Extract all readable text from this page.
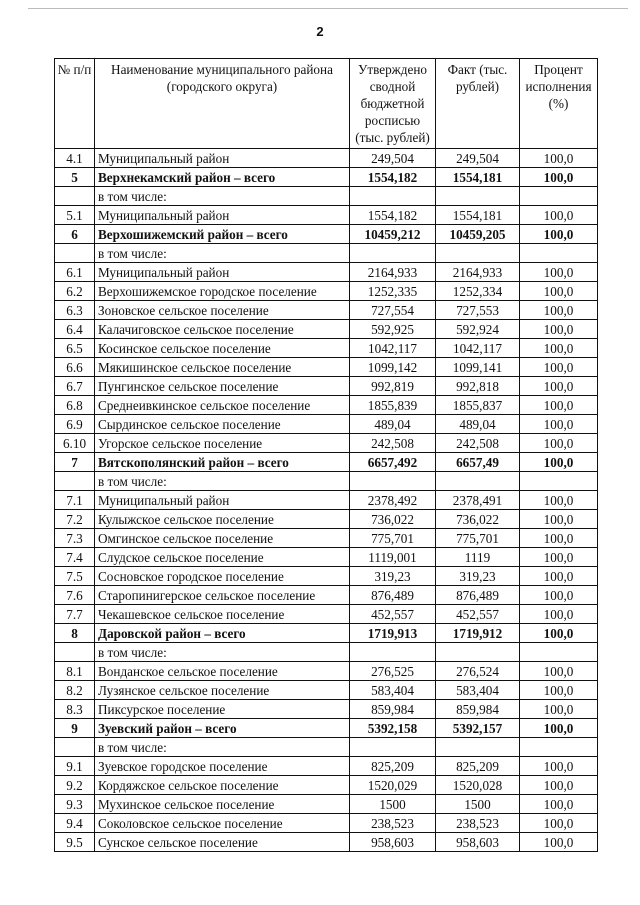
2
№ п/п	Наименование муниципального района (городского округа)	Утверждено сводной бюджетной росписью (тыс. рублей)	Факт (тыс. рублей)	Процент исполнения (%)
4.1	Муниципальный район	249,504	249,504	100,0
5	Верхнекамский район – всего	1554,182	1554,181	100,0
	в том числе:			
5.1	Муниципальный район	1554,182	1554,181	100,0
6	Верхошижемский район – всего	10459,212	10459,205	100,0
	в том числе:			
6.1	Муниципальный район	2164,933	2164,933	100,0
6.2	Верхошижемское городское поселение	1252,335	1252,334	100,0
6.3	Зоновское сельское поселение	727,554	727,553	100,0
6.4	Калачиговское сельское поселение	592,925	592,924	100,0
6.5	Косинское сельское поселение	1042,117	1042,117	100,0
6.6	Мякишинское сельское поселение	1099,142	1099,141	100,0
6.7	Пунгинское сельское поселение	992,819	992,818	100,0
6.8	Среднеивкинское сельское поселение	1855,839	1855,837	100,0
6.9	Сырдинское сельское поселение	489,04	489,04	100,0
6.10	Угорское сельское поселение	242,508	242,508	100,0
7	Вятскополянский район – всего	6657,492	6657,49	100,0
	в том числе:			
7.1	Муниципальный район	2378,492	2378,491	100,0
7.2	Кулыжское сельское поселение	736,022	736,022	100,0
7.3	Омгинское сельское поселение	775,701	775,701	100,0
7.4	Слудское сельское поселение	1119,001	1119	100,0
7.5	Сосновское городское поселение	319,23	319,23	100,0
7.6	Старопинигерское сельское поселение	876,489	876,489	100,0
7.7	Чекашевское сельское поселение	452,557	452,557	100,0
8	Даровской район – всего	1719,913	1719,912	100,0
	в том числе:			
8.1	Вонданское сельское поселение	276,525	276,524	100,0
8.2	Лузянское сельское поселение	583,404	583,404	100,0
8.3	Пиксурское поселение	859,984	859,984	100,0
9	Зуевский район – всего	5392,158	5392,157	100,0
	в том числе:			
9.1	Зуевское городское поселение	825,209	825,209	100,0
9.2	Кордяжское сельское поселение	1520,029	1520,028	100,0
9.3	Мухинское сельское поселение	1500	1500	100,0
9.4	Соколовское сельское поселение	238,523	238,523	100,0
9.5	Сунское сельское поселение	958,603	958,603	100,0
